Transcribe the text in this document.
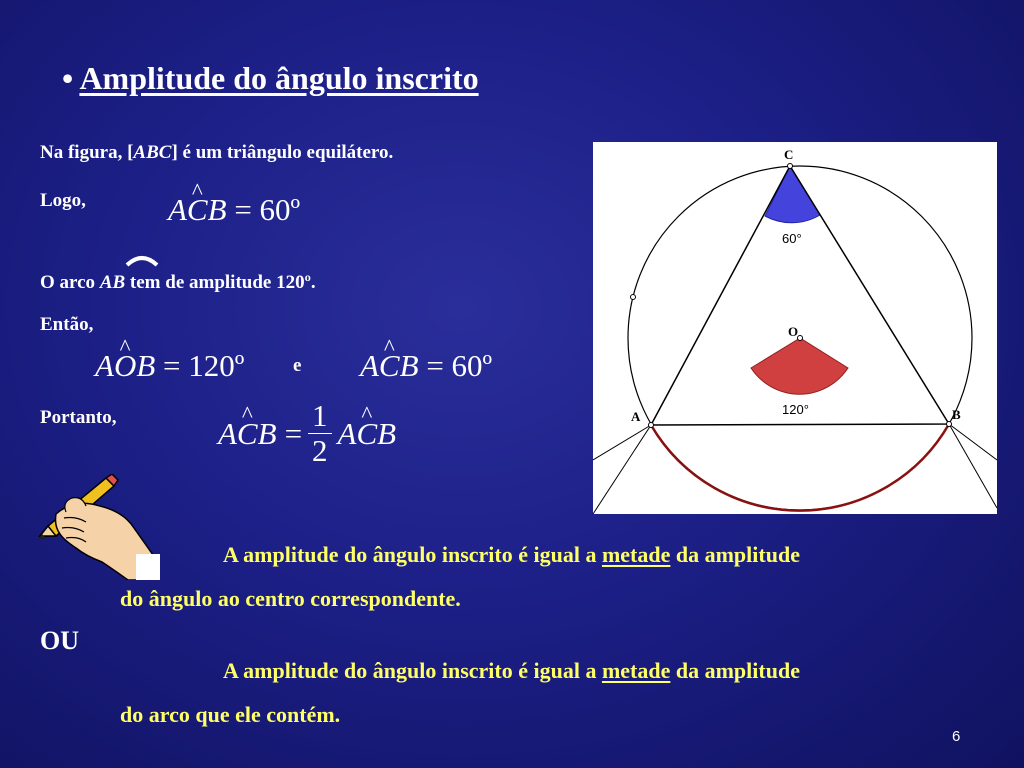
• Amplitude do ângulo inscrito
Na figura, [ABC] é um triângulo equilátero.
Logo,	^ ACB = 60º
O arco AB tem de amplitude 120º.
Então,
A^ OB = 120º	e ^ ACB = 60º
Portanto,	^ ACB = $\frac{1}{2}$ ^ ACB
A amplitude do ângulo inscrito é igual a metade da amplitude
do ângulo ao centro correspondente.
OU
A amplitude do ângulo inscrito é igual a metade da amplitude
do arco que ele contém.
C
O
A	B
60°
120°
6
